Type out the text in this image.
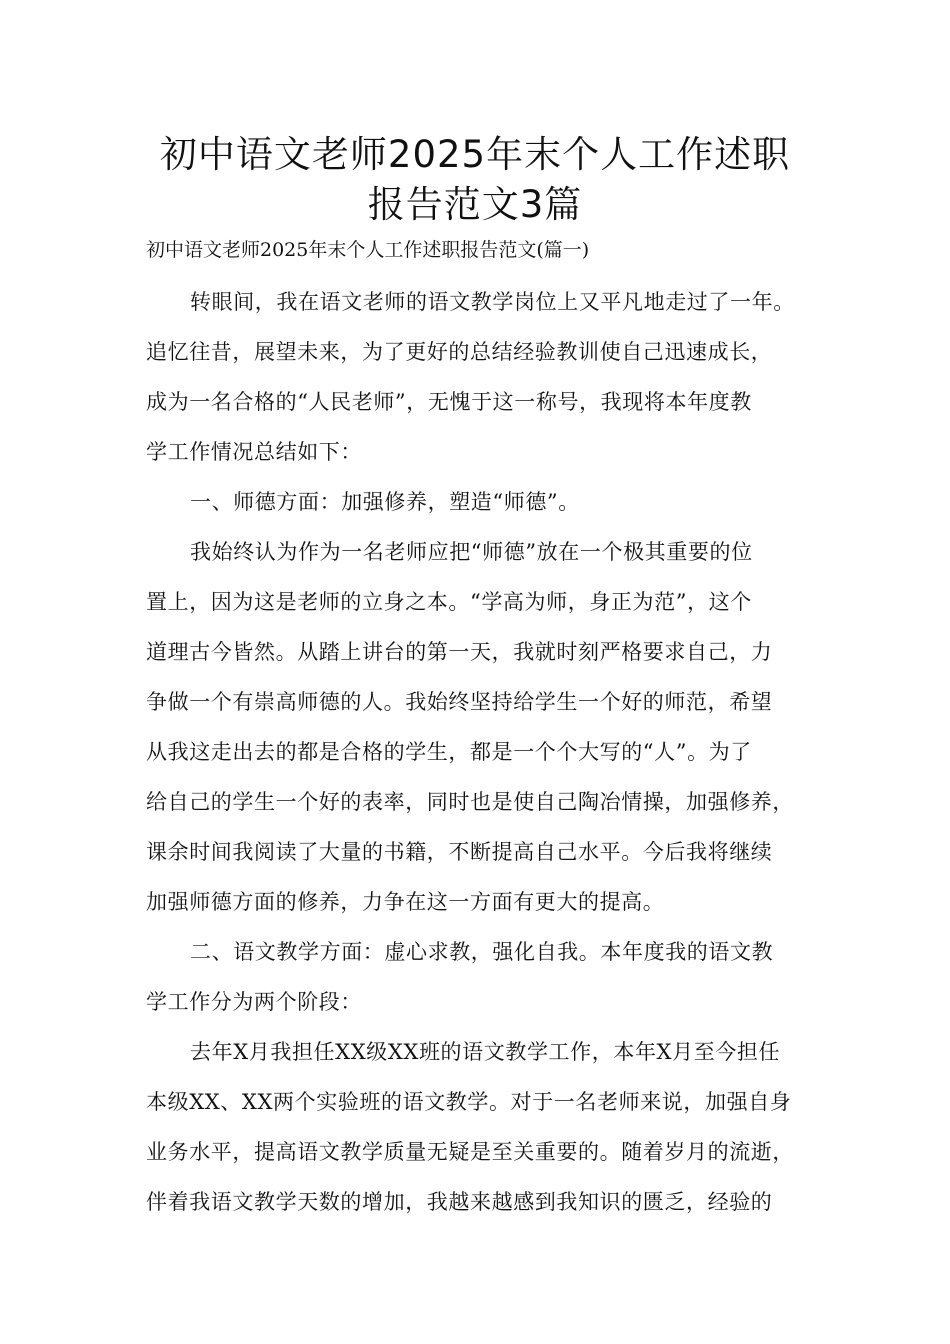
初中语文老师2025年末个人工作述职
报告范文3篇
初中语文老师2025年末个人工作述职报告范文(篇一)
转眼间，我在语文老师的语文教学岗位上又平凡地走过了一年。
追忆往昔，展望未来，为了更好的总结经验教训使自己迅速成长，
成为一名合格的“人民老师”，无愧于这一称号，我现将本年度教
学工作情况总结如下：
一、师德方面：加强修养，塑造“师德”。
我始终认为作为一名老师应把“师德”放在一个极其重要的位
置上，因为这是老师的立身之本。“学高为师，身正为范”，这个
道理古今皆然。从踏上讲台的第一天，我就时刻严格要求自己，力
争做一个有崇高师德的人。我始终坚持给学生一个好的师范，希望
从我这走出去的都是合格的学生，都是一个个大写的“人”。为了
给自己的学生一个好的表率，同时也是使自己陶冶情操，加强修养，
课余时间我阅读了大量的书籍，不断提高自己水平。今后我将继续
加强师德方面的修养，力争在这一方面有更大的提高。
二、语文教学方面：虚心求教，强化自我。本年度我的语文教
学工作分为两个阶段：
去年X月我担任XX级XX班的语文教学工作，本年X月至今担任
本级XX、XX两个实验班的语文教学。对于一名老师来说，加强自身
业务水平，提高语文教学质量无疑是至关重要的。随着岁月的流逝，
伴着我语文教学天数的增加，我越来越感到我知识的匮乏，经验的
